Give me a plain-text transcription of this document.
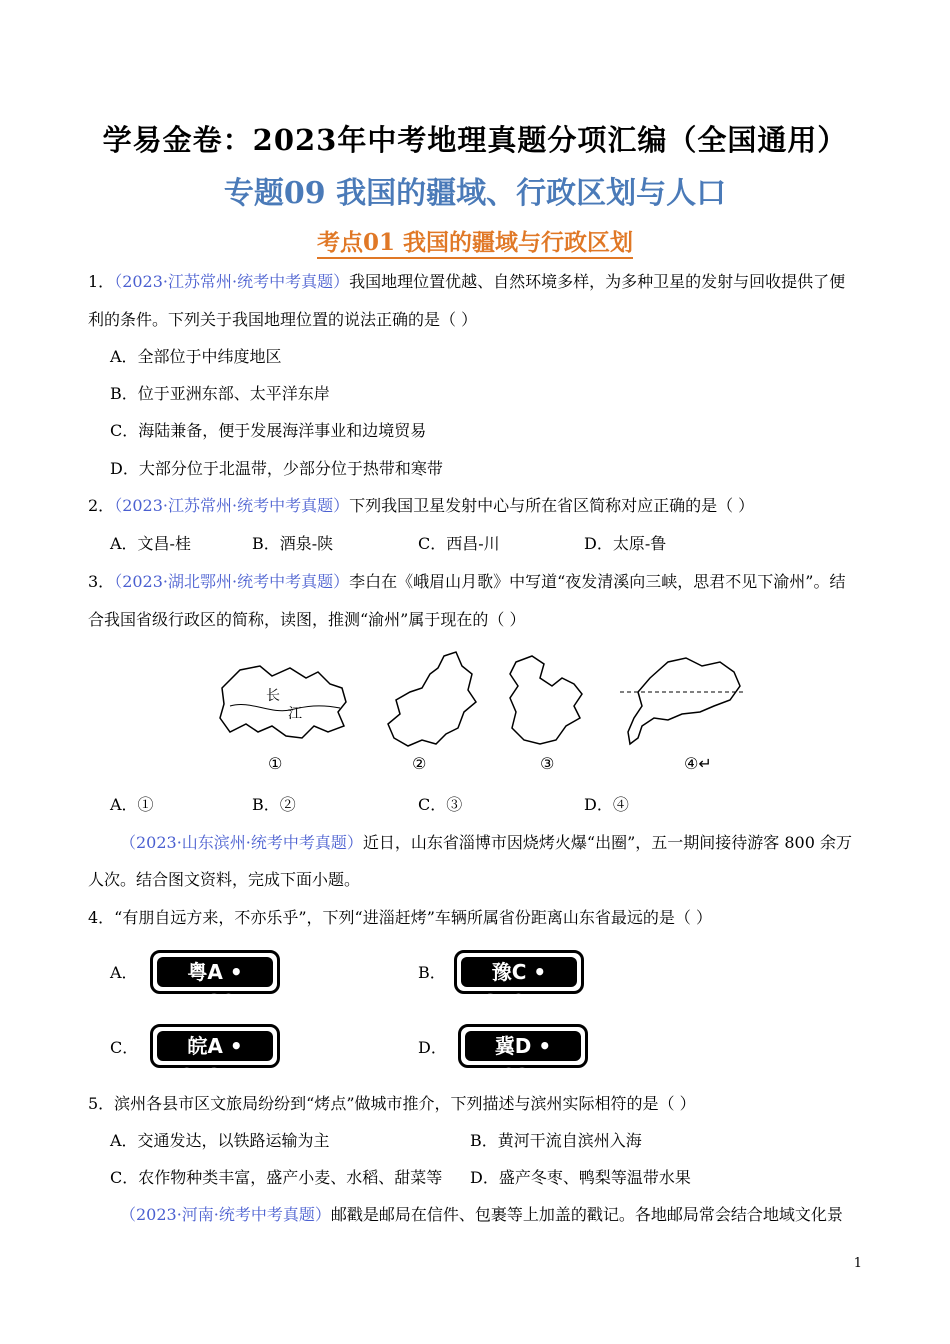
学易金卷：2023年中考地理真题分项汇编（全国通用）
专题09 我国的疆域、行政区划与人口
考点01 我国的疆域与行政区划
1．（2023·江苏常州·统考中考真题）我国地理位置优越、自然环境多样，为多种卫星的发射与回收提供了便
利的条件。下列关于我国地理位置的说法正确的是（ ）
A．全部位于中纬度地区
B．位于亚洲东部、太平洋东岸
C．海陆兼备，便于发展海洋事业和边境贸易
D．大部分位于北温带，少部分位于热带和寒带
2．（2023·江苏常州·统考中考真题）下列我国卫星发射中心与所在省区简称对应正确的是（ ）
A．文昌-桂	B．酒泉-陕	C．西昌-川	D．太原-鲁
3．（2023·湖北鄂州·统考中考真题）李白在《峨眉山月歌》中写道“夜发清溪向三峡，思君不见下渝州”。结
合我国省级行政区的简称，读图，推测“渝州”属于现在的（ ）
长
江
①	②	③	④↵
A．①	B．②	C．③	D．④
（2023·山东滨州·统考中考真题）近日，山东省淄博市因烧烤火爆“出圈”，五一期间接待游客 800 余万
人次。结合图文资料，完成下面小题。
4．“有朋自远方来，不亦乐乎”，下列“进淄赶烤”车辆所属省份距离山东省最远的是（ ）
A．	粤A • 54321
B．	豫C • 31245
C．	皖A • 21345
D．	冀D • 12345
5．滨州各县市区文旅局纷纷到“烤点”做城市推介，下列描述与滨州实际相符的是（ ）
A．交通发达，以铁路运输为主	B．黄河干流自滨州入海
C．农作物种类丰富，盛产小麦、水稻、甜菜等 D．盛产冬枣、鸭梨等温带水果
（2023·河南·统考中考真题）邮戳是邮局在信件、包裹等上加盖的戳记。各地邮局常会结合地域文化景
1
